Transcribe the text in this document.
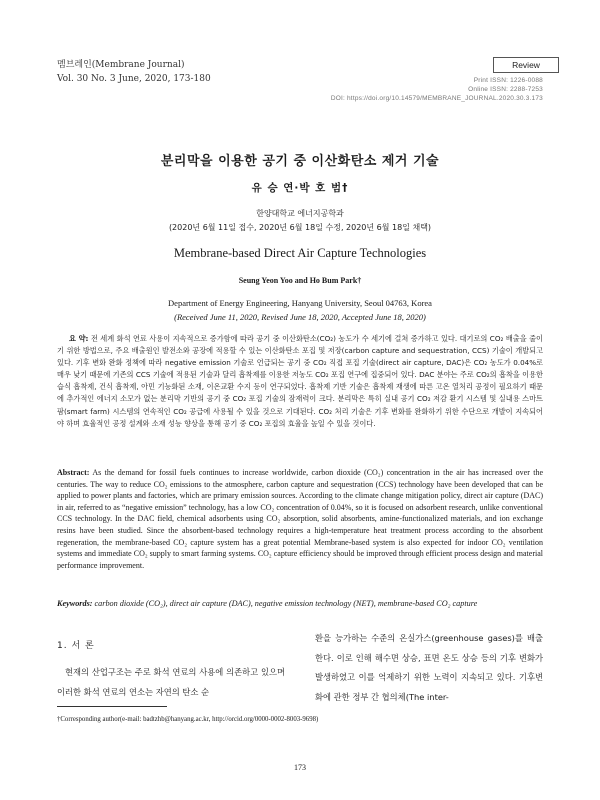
멤브레인(Membrane Journal)
Vol. 30 No. 3 June, 2020, 173-180
Review
Print ISSN: 1226-0088
Online ISSN: 2288-7253
DOI: https://doi.org/10.14579/MEMBRANE_JOURNAL.2020.30.3.173
분리막을 이용한 공기 중 이산화탄소 제거 기술
유 승 연·박 호 범†
한양대학교 에너지공학과
(2020년 6월 11일 접수, 2020년 6월 18일 수정, 2020년 6월 18일 채택)
Membrane-based Direct Air Capture Technologies
Seung Yeon Yoo and Ho Bum Park†
Department of Energy Engineering, Hanyang University, Seoul 04763, Korea
(Received June 11, 2020, Revised June 18, 2020, Accepted June 18, 2020)
요 약: 전 세계 화석 연료 사용이 지속적으로 증가함에 따라 공기 중 이산화탄소(CO₂) 농도가 수 세기에 걸쳐 증가하고 있다. 대기로의 CO₂ 배출을 줄이기 위한 방법으로, 주요 배출원인 발전소와 공장에 적용할 수 있는 이산화탄소 포집 및 저장(carbon capture and sequestration, CCS) 기술이 개발되고 있다. 기후 변화 완화 정책에 따라 negative emission 기술로 언급되는 공기 중 CO₂ 직접 포집 기술(direct air capture, DAC)은 CO₂ 농도가 0.04%로 매우 낮기 때문에 기존의 CCS 기술에 적용된 기술과 달리 흡착제를 이용한 저농도 CO₂ 포집 연구에 집중되어 있다. DAC 분야는 주로 CO₂의 흡착을 이용한 습식 흡착제, 건식 흡착제, 아민 기능화된 소재, 이온교환 수지 등이 연구되었다. 흡착제 기반 기술은 흡착제 재생에 따른 고온 열처리 공정이 필요하기 때문에 추가적인 에너지 소모가 없는 분리막 기반의 공기 중 CO₂ 포집 기술의 잠재력이 크다. 분리막은 특히 실내 공기 CO₂ 저감 환기 시스템 및 실내용 스마트팜(smart farm) 시스템의 연속적인 CO₂ 공급에 사용될 수 있을 것으로 기대된다. CO₂ 처리 기술은 기후 변화를 완화하기 위한 수단으로 개발이 지속되어야 하며 효율적인 공정 설계와 소재 성능 향상을 통해 공기 중 CO₂ 포집의 효율을 높일 수 있을 것이다.
Abstract: As the demand for fossil fuels continues to increase worldwide, carbon dioxide (CO₂) concentration in the air has increased over the centuries. The way to reduce CO₂ emissions to the atmosphere, carbon capture and sequestration (CCS) technology have been developed that can be applied to power plants and factories, which are primary emission sources. According to the climate change mitigation policy, direct air capture (DAC) in air, referred to as “negative emission” technology, has a low CO₂ concentration of 0.04%, so it is focused on adsorbent research, unlike conventional CCS technology. In the DAC field, chemical adsorbents using CO₂ absorption, solid absorbents, amine-functionalized materials, and ion exchange resins have been studied. Since the absorbent-based technology requires a high-temperature heat treatment process according to the absorbent regeneration, the membrane-based CO₂ capture system has a great potential Membrane-based system is also expected for indoor CO₂ ventilation systems and immediate CO₂ supply to smart farming systems. CO₂ capture efficiency should be improved through efficient process design and material performance improvement.
Keywords: carbon dioxide (CO₂), direct air capture (DAC), negative emission technology (NET), membrane-based CO₂ capture
1. 서 론
현재의 산업구조는 주로 화석 연료의 사용에 의존하고 있으며 이러한 화석 연료의 연소는 자연의 탄소 순
환을 능가하는 수준의 온실가스(greenhouse gases)를 배출한다. 이로 인해 해수면 상승, 표면 온도 상승 등의 기후 변화가 발생하였고 이를 억제하기 위한 노력이 지속되고 있다. 기후변화에 관한 정부 간 협의체(The inter-
†Corresponding author(e-mail: badtzhb@hanyang.ac.kr, http://orcid.org/0000-0002-8003-9698)
173
